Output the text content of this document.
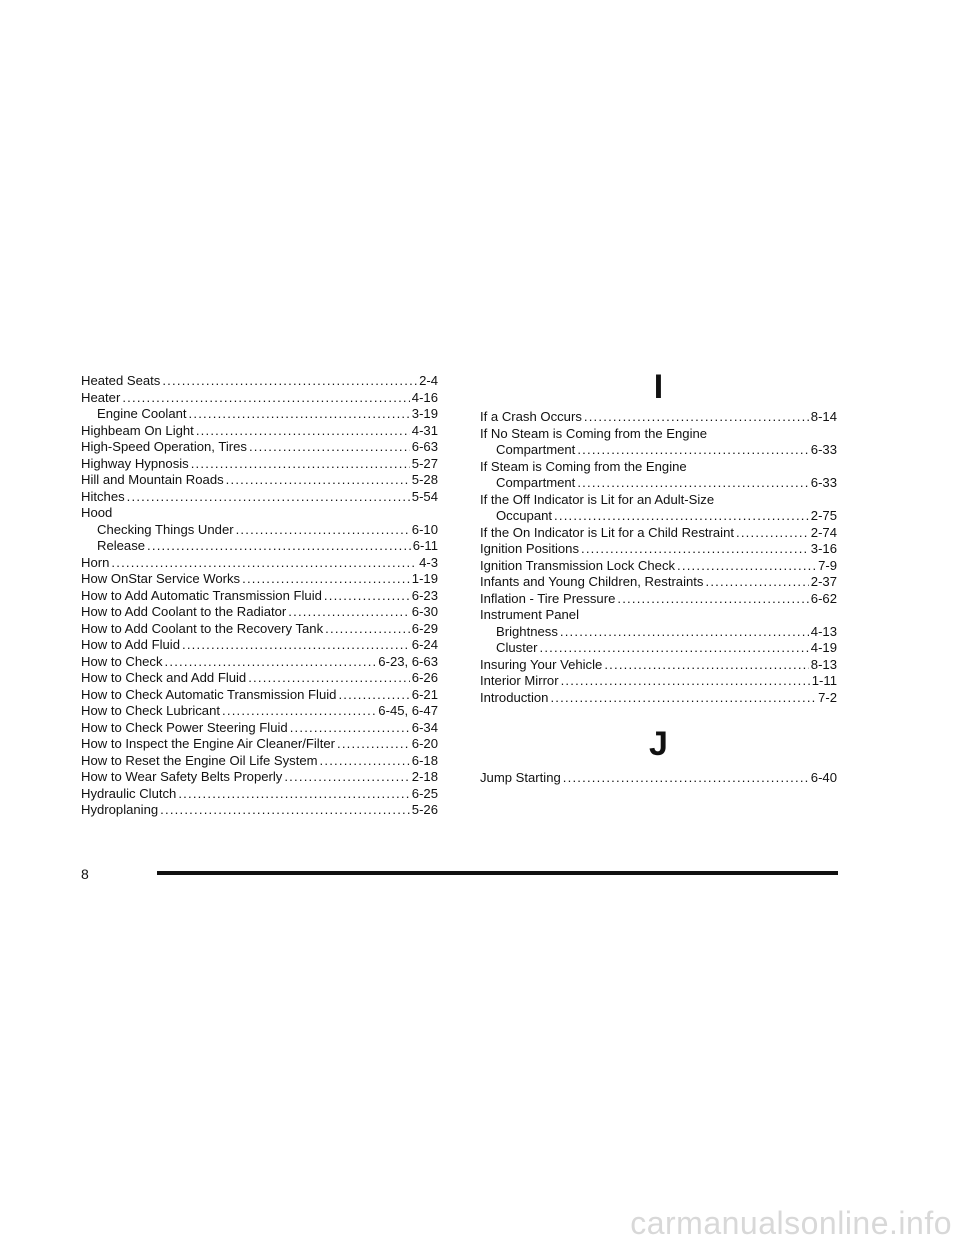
Heated Seats .....	2-4
Heater .....	4-16
Engine Coolant .....	3-19
Highbeam On Light .....	4-31
High-Speed Operation, Tires .....	6-63
Highway Hypnosis .....	5-27
Hill and Mountain Roads .....	5-28
Hitches .....	5-54
Hood
Checking Things Under .....	6-10
Release .....	6-11
Horn .....	4-3
How OnStar Service Works .....	1-19
How to Add Automatic Transmission Fluid .....	6-23
How to Add Coolant to the Radiator .....	6-30
How to Add Coolant to the Recovery Tank .....	6-29
How to Add Fluid .....	6-24
How to Check .....	6-23, 6-63
How to Check and Add Fluid .....	6-26
How to Check Automatic Transmission Fluid .....	6-21
How to Check Lubricant .....	6-45, 6-47
How to Check Power Steering Fluid .....	6-34
How to Inspect the Engine Air Cleaner/Filter .....	6-20
How to Reset the Engine Oil Life System .....	6-18
How to Wear Safety Belts Properly .....	2-18
Hydraulic Clutch .....	6-25
Hydroplaning .....	5-26
I
If a Crash Occurs .....	8-14
If No Steam is Coming from the Engine
Compartment .....	6-33
If Steam is Coming from the Engine
Compartment .....	6-33
If the Off Indicator is Lit for an Adult-Size
Occupant .....	2-75
If the On Indicator is Lit for a Child Restraint .....	2-74
Ignition Positions .....	3-16
Ignition Transmission Lock Check .....	7-9
Infants and Young Children, Restraints .....	2-37
Inflation - Tire Pressure .....	6-62
Instrument Panel
Brightness .....	4-13
Cluster .....	4-19
Insuring Your Vehicle .....	8-13
Interior Mirror .....	1-11
Introduction .....	7-2
J
Jump Starting .....	6-40
8
carmanualsonline.info
